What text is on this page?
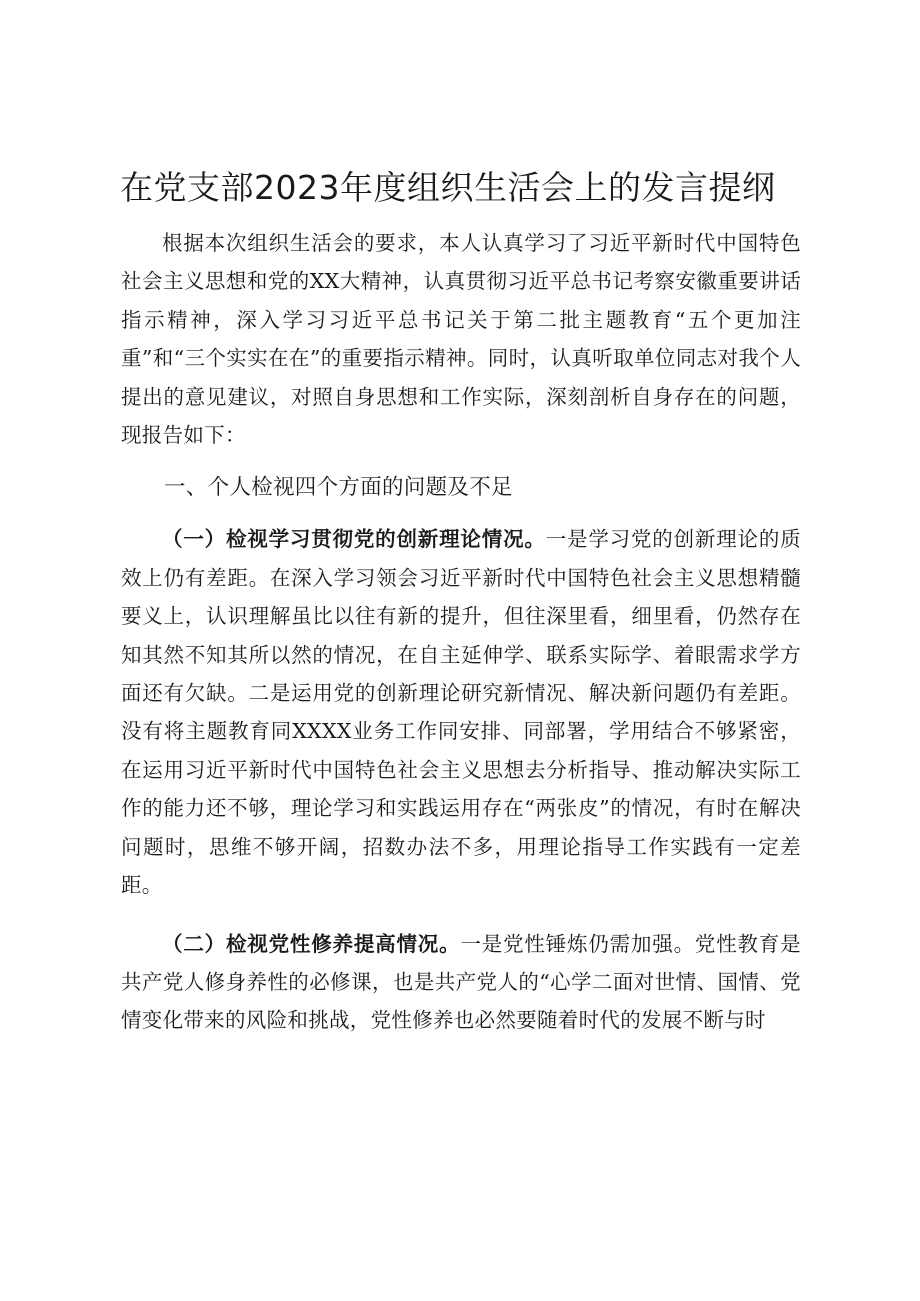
在党支部2023年度组织生活会上的发言提纲

根据本次组织生活会的要求，本人认真学习了习近平新时代中国特色社会主义思想和党的XX大精神，认真贯彻习近平总书记考察安徽重要讲话指示精神，深入学习习近平总书记关于第二批主题教育“五个更加注重”和“三个实实在在”的重要指示精神。同时，认真听取单位同志对我个人提出的意见建议，对照自身思想和工作实际，深刻剖析自身存在的问题，现报告如下：

一、个人检视四个方面的问题及不足

（一）检视学习贯彻党的创新理论情况。一是学习党的创新理论的质效上仍有差距。在深入学习领会习近平新时代中国特色社会主义思想精髓要义上，认识理解虽比以往有新的提升，但往深里看，细里看，仍然存在知其然不知其所以然的情况，在自主延伸学、联系实际学、着眼需求学方面还有欠缺。二是运用党的创新理论研究新情况、解决新问题仍有差距。没有将主题教育同XXXX业务工作同安排、同部署，学用结合不够紧密，在运用习近平新时代中国特色社会主义思想去分析指导、推动解决实际工作的能力还不够，理论学习和实践运用存在“两张皮”的情况，有时在解决问题时，思维不够开阔，招数办法不多，用理论指导工作实践有一定差距。

（二）检视党性修养提高情况。一是党性锤炼仍需加强。党性教育是共产党人修身养性的必修课，也是共产党人的“心学二面对世情、国情、党情变化带来的风险和挑战，党性修养也必然要随着时代的发展不断与时
